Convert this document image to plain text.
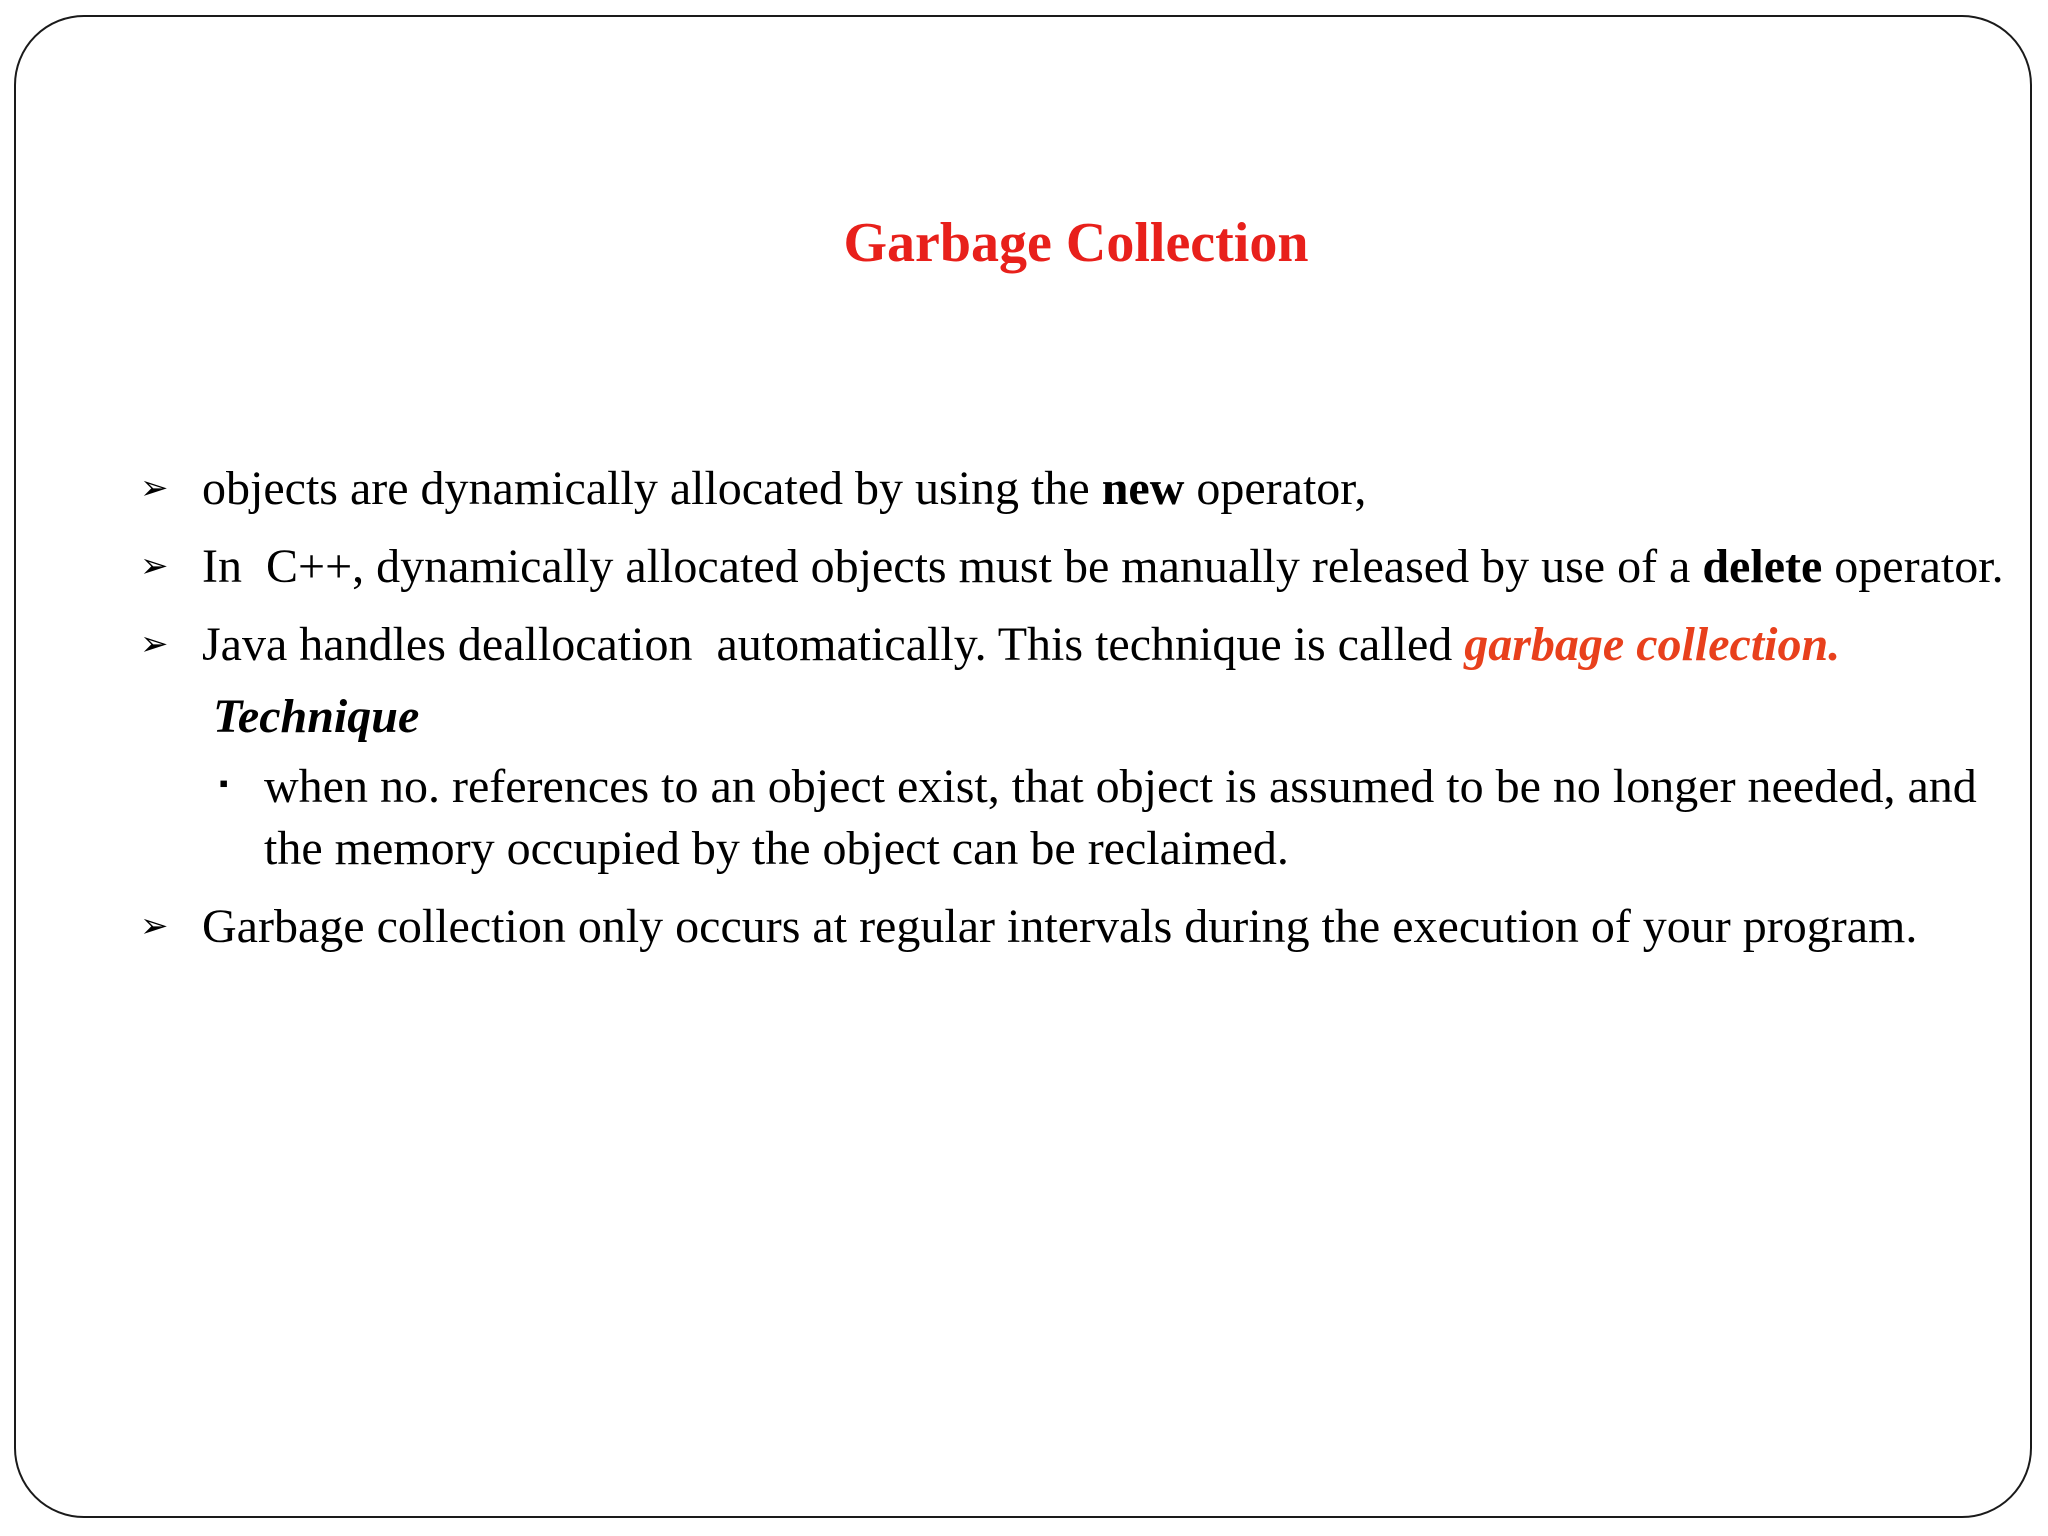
Garbage Collection
➢ objects are dynamically allocated by using the new operator,
➢ In  C++, dynamically allocated objects must be manually released by use of a delete operator.
➢ Java handles deallocation  automatically. This technique is called garbage collection.
Technique
▪ when no. references to an object exist, that object is assumed to be no longer needed, and the memory occupied by the object can be reclaimed.
➢ Garbage collection only occurs at regular intervals during the execution of your program.
